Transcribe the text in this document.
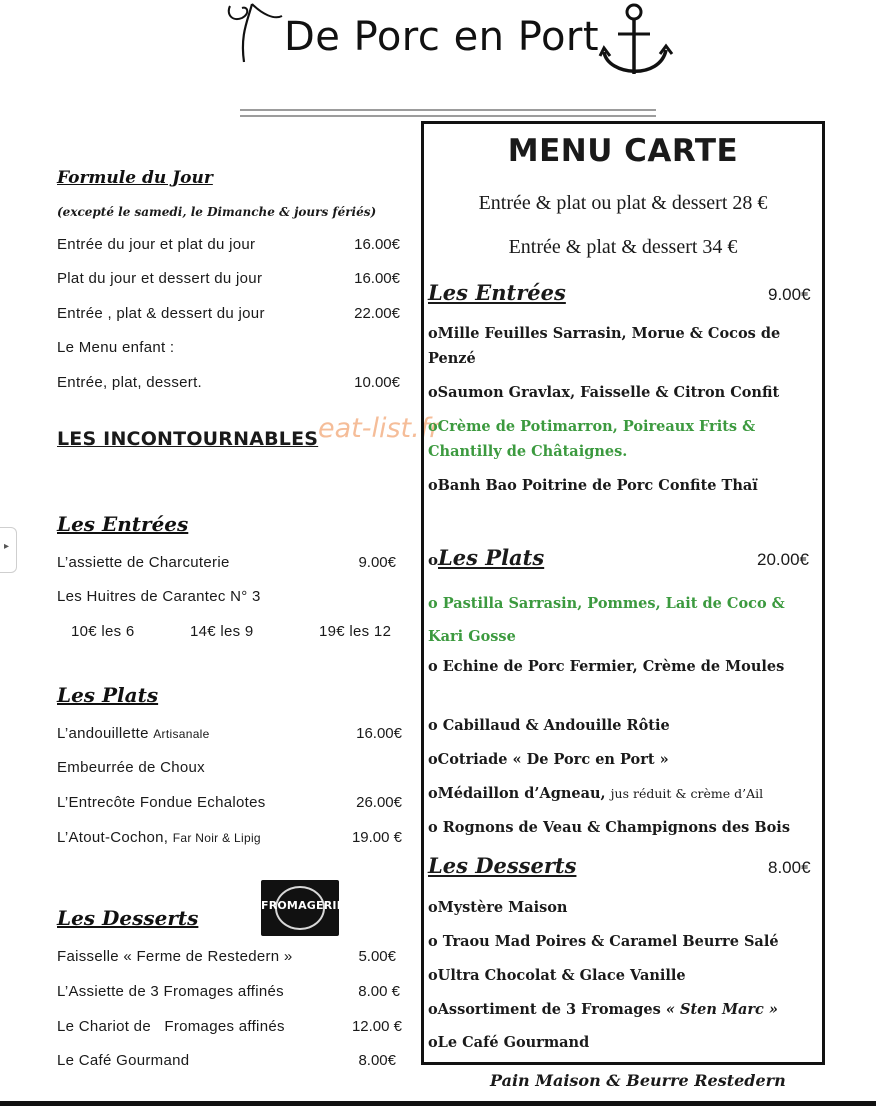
▸
De Porc en Port
Formule du Jour
(excepté le samedi, le Dimanche & jours fériés)
Entrée du jour et plat du jour	16.00€
Plat du jour et dessert du jour	16.00€
Entrée , plat & dessert du jour	22.00€
Le Menu enfant :
Entrée, plat, dessert.	10.00€
LES INCONTOURNABLES eat-list.fr
Les Entrées
L’assiette de Charcuterie	9.00€
Les Huitres de Carantec N° 3
10€ les 6	14€ les 9	19€ les 12
Les Plats
L’andouillette Artisanale	16.00€
Embeurrée de Choux
L’Entrecôte Fondue Echalotes	26.00€
L’Atout-Cochon, Far Noir & Lipig	19.00 €
Les Desserts
FROMAGERIE
Faisselle « Ferme de Restedern »	5.00€
L’Assiette de 3 Fromages affinés	8.00 €
Le Chariot de   Fromages affinés	12.00 €
Le Café Gourmand	8.00€
MENU CARTE
Entrée & plat ou plat & dessert 28 €
Entrée & plat & dessert 34 €
Les Entrées	9.00€
oMille Feuilles Sarrasin, Morue & Cocos de Penzé
oSaumon Gravlax, Faisselle & Citron Confit
oCrème de Potimarron, Poireaux Frits & Chantilly de Châtaignes.
oBanh Bao Poitrine de Porc Confite Thaï
oLes Plats	20.00€
o Pastilla Sarrasin, Pommes, Lait de Coco & Kari Gosse
o Echine de Porc Fermier, Crème de Moules
o Cabillaud & Andouille Rôtie
oCotriade « De Porc en Port »
oMédaillon d’Agneau, jus réduit & crème d’Ail
o Rognons de Veau & Champignons des Bois
Les Desserts	8.00€
oMystère Maison
o Traou Mad Poires & Caramel Beurre Salé
oUltra Chocolat & Glace Vanille
oAssortiment de 3 Fromages « Sten Marc »
oLe Café Gourmand
Pain Maison & Beurre Restedern
